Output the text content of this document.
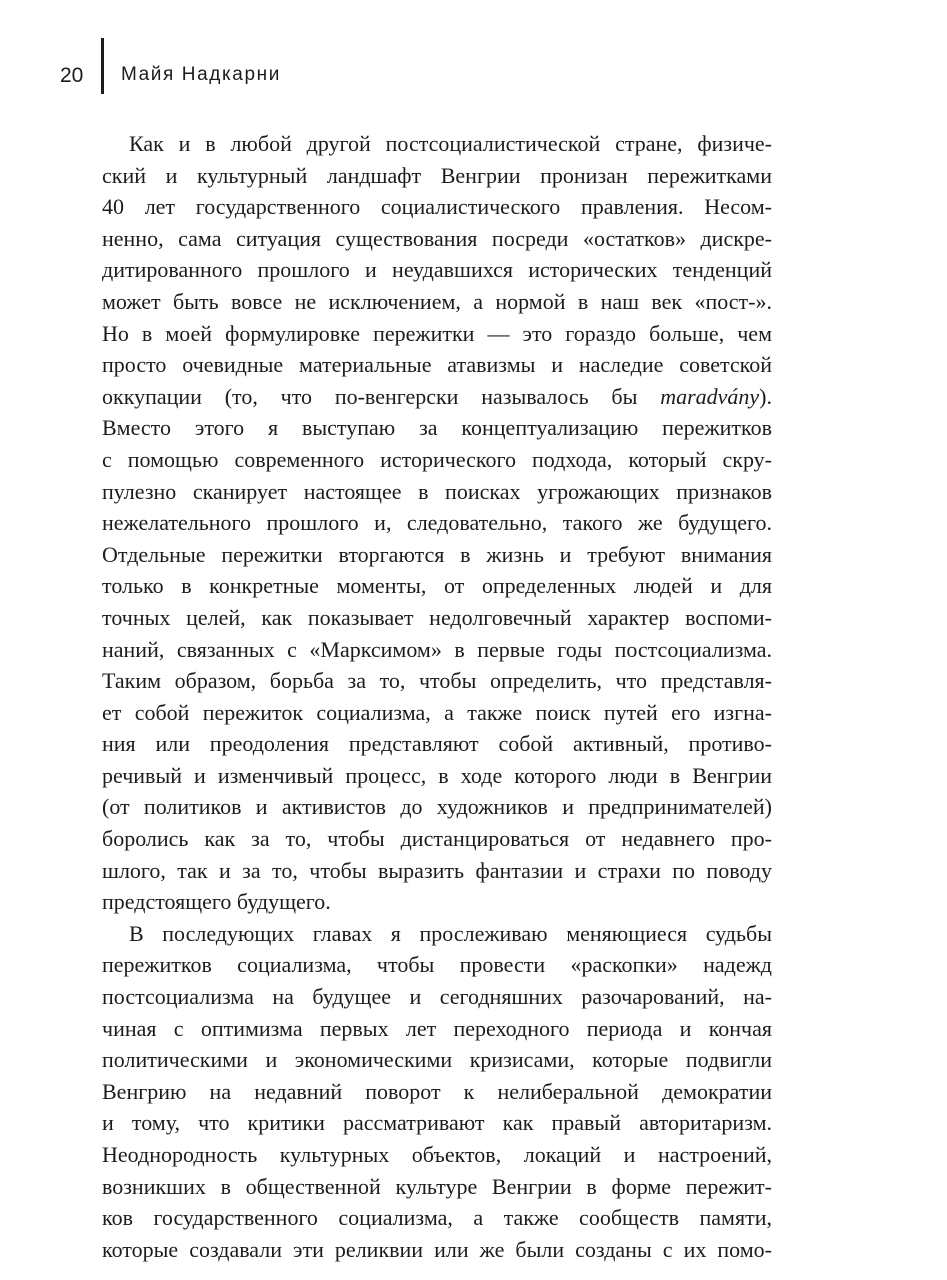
20 Майя Надкарни
Как и в любой другой постсоциалистической стране, физиче-
ский и культурный ландшафт Венгрии пронизан пережитками
40 лет государственного социалистического правления. Несом-
ненно, сама ситуация существования посреди «остатков» дискре-
дитированного прошлого и неудавшихся исторических тенденций
может быть вовсе не исключением, а нормой в наш век «пост-».
Но в моей формулировке пережитки — это гораздо больше, чем
просто очевидные материальные атавизмы и наследие советской
оккупации (то, что по-венгерски называлось бы maradvány).
Вместо этого я выступаю за концептуализацию пережитков
с помощью современного исторического подхода, который скру-
пулезно сканирует настоящее в поисках угрожающих признаков
нежелательного прошлого и, следовательно, такого же будущего.
Отдельные пережитки вторгаются в жизнь и требуют внимания
только в конкретные моменты, от определенных людей и для
точных целей, как показывает недолговечный характер воспоми-
наний, связанных с «Марксимом» в первые годы постсоциализма.
Таким образом, борьба за то, чтобы определить, что представля-
ет собой пережиток социализма, а также поиск путей его изгна-
ния или преодоления представляют собой активный, противо-
речивый и изменчивый процесс, в ходе которого люди в Венгрии
(от политиков и активистов до художников и предпринимателей)
боролись как за то, чтобы дистанцироваться от недавнего про-
шлого, так и за то, чтобы выразить фантазии и страхи по поводу
предстоящего будущего.
В последующих главах я прослеживаю меняющиеся судьбы
пережитков социализма, чтобы провести «раскопки» надежд
постсоциализма на будущее и сегодняшних разочарований, на-
чиная с оптимизма первых лет переходного периода и кончая
политическими и экономическими кризисами, которые подвигли
Венгрию на недавний поворот к нелиберальной демократии
и тому, что критики рассматривают как правый авторитаризм.
Неоднородность культурных объектов, локаций и настроений,
возникших в общественной культуре Венгрии в форме пережит-
ков государственного социализма, а также сообществ памяти,
которые создавали эти реликвии или же были созданы с их помо-
